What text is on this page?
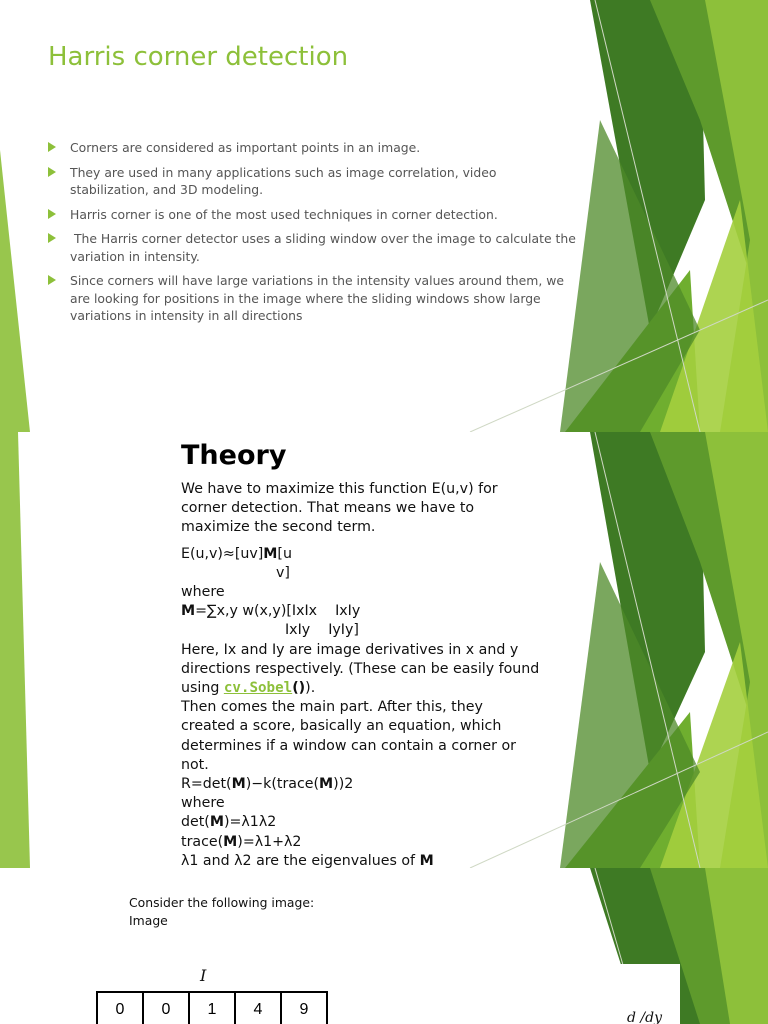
Harris corner detection
Corners are considered as important points in an image.
They are used in many applications such as image correlation, video stabilization, and 3D modeling.
Harris corner is one of the most used techniques in corner detection.
The Harris corner detector uses a sliding window over the image to calculate the variation in intensity.
Since corners will have large variations in the intensity values around them, we are looking for positions in the image where the sliding windows show large variations in intensity in all directions
Theory
We have to maximize this function E(u,v) for corner detection. That means we have to maximize the second term.
E(u,v)≈[uv]M[u
v]
where
M=∑x,y w(x,y)[IxIx    IxIy
IxIy    IyIy]
Here, Ix and Iy are image derivatives in x and y directions respectively. (These can be easily found using cv.Sobel()).
Then comes the main part. After this, they created a score, basically an equation, which determines if a window can contain a corner or not.
R=det(M)−k(trace(M))2
where
det(M)=λ1λ2
trace(M)=λ1+λ2
λ1 and λ2 are the eigenvalues of M
Consider the following image:
Image
I
0	0	1	4	9	d /dy
